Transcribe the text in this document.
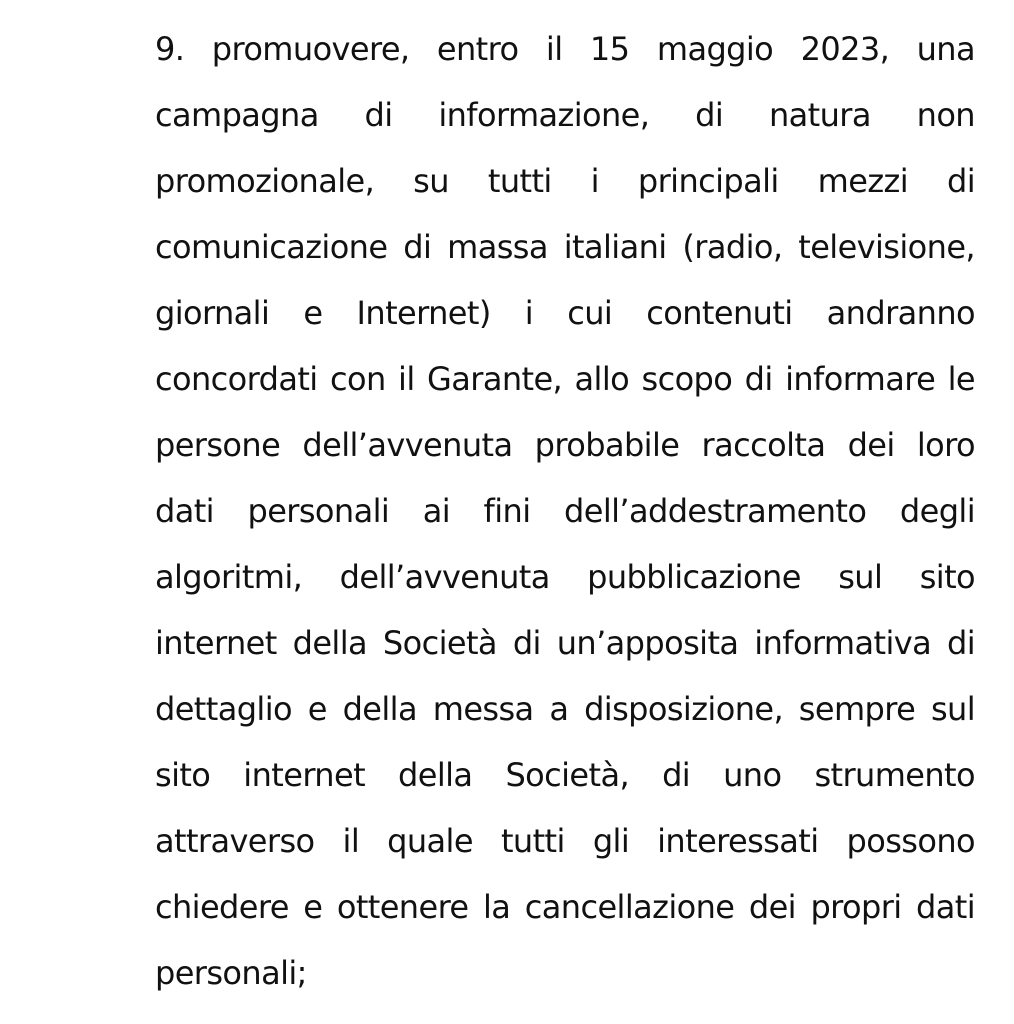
9. promuovere, entro il 15 maggio 2023, una
campagna di informazione, di natura non
promozionale, su tutti i principali mezzi di
comunicazione di massa italiani (radio, televisione,
giornali e Internet) i cui contenuti andranno
concordati con il Garante, allo scopo di informare le
persone dell’avvenuta probabile raccolta dei loro
dati personali ai fini dell’addestramento degli
algoritmi, dell’avvenuta pubblicazione sul sito
internet della Società di un’apposita informativa di
dettaglio e della messa a disposizione, sempre sul
sito internet della Società, di uno strumento
attraverso il quale tutti gli interessati possono
chiedere e ottenere la cancellazione dei propri dati
personali;
